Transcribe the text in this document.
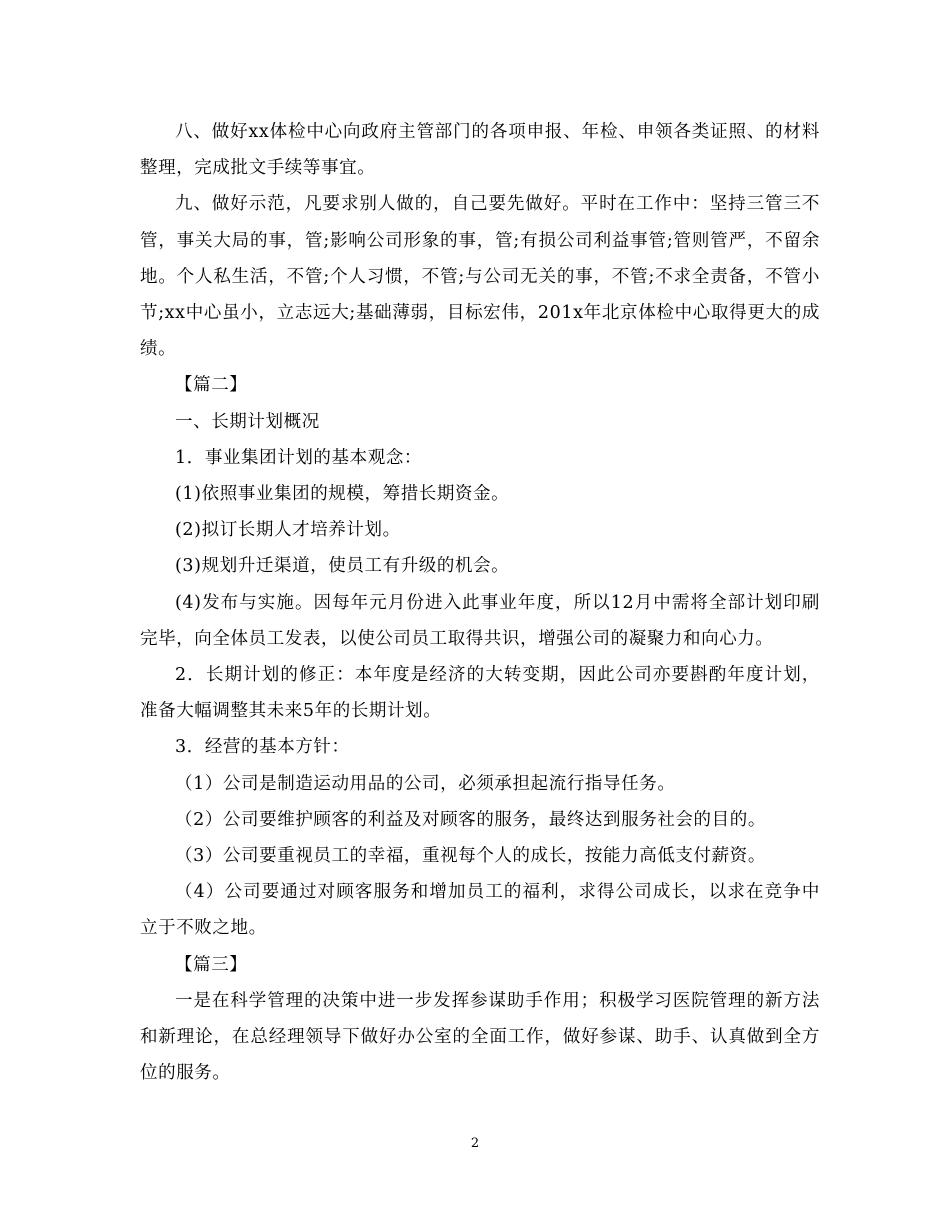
八、做好xx体检中心向政府主管部门的各项申报、年检、申领各类证照、的材料整理，完成批文手续等事宜。

九、做好示范，凡要求别人做的，自己要先做好。平时在工作中：坚持三管三不管，事关大局的事，管;影响公司形象的事，管;有损公司利益事管;管则管严，不留余地。个人私生活，不管;个人习惯，不管;与公司无关的事，不管;不求全责备，不管小节;xx中心虽小，立志远大;基础薄弱，目标宏伟，201x年北京体检中心取得更大的成绩。

【篇二】

一、长期计划概况

1．事业集团计划的基本观念：

(1)依照事业集团的规模，筹措长期资金。

(2)拟订长期人才培养计划。

(3)规划升迁渠道，使员工有升级的机会。

(4)发布与实施。因每年元月份进入此事业年度，所以12月中需将全部计划印刷完毕，向全体员工发表，以使公司员工取得共识，增强公司的凝聚力和向心力。

2．长期计划的修正：本年度是经济的大转变期，因此公司亦要斟酌年度计划，准备大幅调整其未来5年的长期计划。

3．经营的基本方针：

（1）公司是制造运动用品的公司，必须承担起流行指导任务。

（2）公司要维护顾客的利益及对顾客的服务，最终达到服务社会的目的。

（3）公司要重视员工的幸福，重视每个人的成长，按能力高低支付薪资。

（4）公司要通过对顾客服务和增加员工的福利，求得公司成长，以求在竞争中立于不败之地。

【篇三】

一是在科学管理的决策中进一步发挥参谋助手作用；积极学习医院管理的新方法和新理论，在总经理领导下做好办公室的全面工作，做好参谋、助手、认真做到全方位的服务。

2
